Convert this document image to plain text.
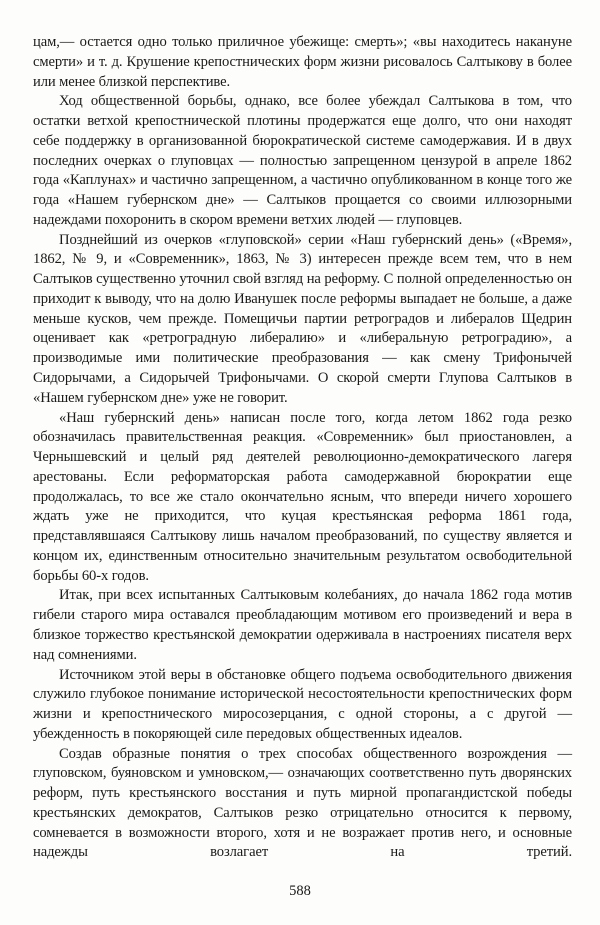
цам,— остается одно только приличное убежище: смерть»; «вы находитесь накануне смерти» и т. д. Крушение крепостнических форм жизни рисовалось Салтыкову в более или менее близкой перспективе.

Ход общественной борьбы, однако, все более убеждал Салтыкова в том, что остатки ветхой крепостнической плотины продержатся еще долго, что они находят себе поддержку в организованной бюрократической системе самодержавия. И в двух последних очерках о глуповцах — полностью запрещенном цензурой в апреле 1862 года «Каплунах» и частично запрещенном, а частично опубликованном в конце того же года «Нашем губернском дне» — Салтыков прощается со своими иллюзорными надеждами похоронить в скором времени ветхих людей — глуповцев.

Позднейший из очерков «глуповской» серии «Наш губернский день» («Время», 1862, № 9, и «Современник», 1863, № 3) интересен прежде всем тем, что в нем Салтыков существенно уточнил свой взгляд на реформу. С полной определенностью он приходит к выводу, что на долю Иванушек после реформы выпадает не больше, а даже меньше кусков, чем прежде. Помещичьи партии ретроградов и либералов Щедрин оценивает как «ретроградную либералию» и «либеральную ретроградию», а производимые ими политические преобразования — как смену Трифонычей Сидорычами, а Сидорычей Трифонычами. О скорой смерти Глупова Салтыков в «Нашем губернском дне» уже не говорит.

«Наш губернский день» написан после того, когда летом 1862 года резко обозначилась правительственная реакция. «Современник» был приостановлен, а Чернышевский и целый ряд деятелей революционно-демократического лагеря арестованы. Если реформаторская работа самодержавной бюрократии еще продолжалась, то все же стало окончательно ясным, что впереди ничего хорошего ждать уже не приходится, что куцая крестьянская реформа 1861 года, представлявшаяся Салтыкову лишь началом преобразований, по существу является и концом их, единственным относительно значительным результатом освободительной борьбы 60-х годов.

Итак, при всех испытанных Салтыковым колебаниях, до начала 1862 года мотив гибели старого мира оставался преобладающим мотивом его произведений и вера в близкое торжество крестьянской демократии одерживала в настроениях писателя верх над сомнениями.

Источником этой веры в обстановке общего подъема освободительного движения служило глубокое понимание исторической несостоятельности крепостнических форм жизни и крепостнического миросозерцания, с одной стороны, а с другой — убежденность в покоряющей силе передовых общественных идеалов.

Создав образные понятия о трех способах общественного возрождения — глуповском, буяновском и умновском,— означающих соответственно путь дворянских реформ, путь крестьянского восстания и путь мирной пропагандистской победы крестьянских демократов, Салтыков резко отрицательно относится к первому, сомневается в возможности второго, хотя и не возражает против него, и основные надежды возлагает на третий.

588
